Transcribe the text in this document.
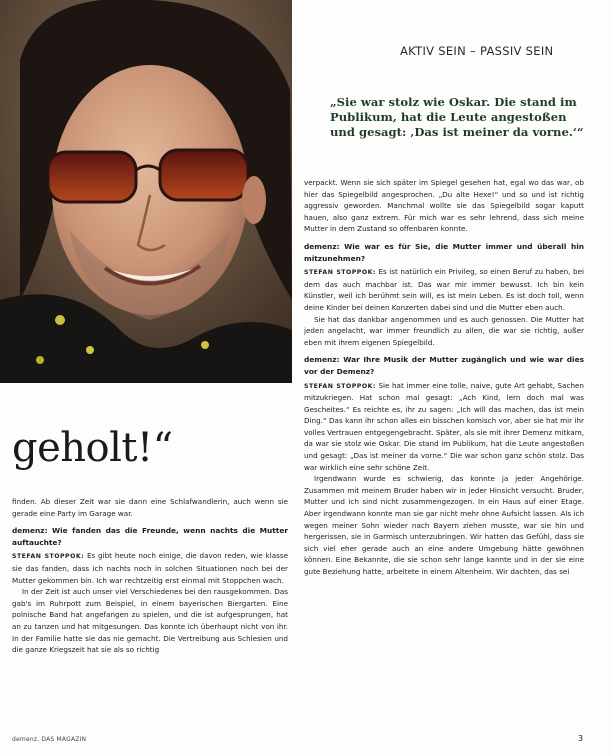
AKTIV SEIN – PASSIV SEIN
„Sie war stolz wie Oskar. Die stand im Publikum, hat die Leute angestoßen und gesagt: ‚Das ist meiner da vorne.‘“
geholt!“

finden. Ab dieser Zeit war sie dann eine Schlafwandlerin, auch wenn sie gerade eine Party im Garage war.

demenz: Wie fanden das die Freunde, wenn nachts die Mutter auftauchte?

STEFAN STOPPOK: Es gibt heute noch einige, die davon reden, wie klasse sie das fanden, dass ich nachts noch in solchen Situationen noch bei der Mutter gekommen bin. Ich war rechtzeitig erst einmal mit Stoppchen wach.

In der Zeit ist auch unser viel Verschiedenes bei den rausgekommen. Das gab's im Ruhrpott zum Beispiel, in einem bayerischen Biergarten. Eine polnische Band hat angefangen zu spielen, und die ist aufgesprungen, hat an zu tanzen und hat mitgesungen. Das konnte ich überhaupt nicht von ihr. In der Familie hatte sie das nie gemacht. Die Vertreibung aus Schlesien und die ganze Kriegszeit hat sie als so richtig

verpackt. Wenn sie sich später im Spiegel gesehen hat, egal wo das war, ob hier das Spiegelbild angesprochen. „Du alte Hexe!“ und so und ist richtig aggressiv geworden. Manchmal wollte sie das Spiegelbild sogar kaputt hauen, also ganz extrem. Für mich war es sehr lehrend, dass sich meine Mutter in dem Zustand so offenbaren konnte.

demenz: Wie war es für Sie, die Mutter immer und überall hin mitzunehmen?

STEFAN STOPPOK: Es ist natürlich ein Privileg, so einen Beruf zu haben, bei dem das auch machbar ist. Das war mir immer bewusst. Ich bin kein Künstler, weil ich berühmt sein will, es ist mein Leben. Es ist doch toll, wenn deine Kinder bei deinen Konzerten dabei sind und die Mutter eben auch.

Sie hat das dankbar angenommen und es auch genossen. Die Mutter hat jeden angelacht, war immer freundlich zu allen, die war sie richtig, außer eben mit ihrem eigenen Spiegelbild.

demenz: War Ihre Musik der Mutter zugänglich und wie war dies vor der Demenz?

STEFAN STOPPOK: Sie hat immer eine tolle, naive, gute Art gehabt, Sachen mitzukriegen. Hat schon mal gesagt: „Ach Kind, lern doch mal was Gescheites.“ Es reichte es, ihr zu sagen: „Ich will das machen, das ist mein Ding.“ Das kann ihr schon alles ein bisschen komisch vor, aber sie hat mir ihr volles Vertrauen entgegengebracht. Später, als sie mit ihrer Demenz mitkam, da war sie stolz wie Oskar. Die stand im Publikum, hat die Leute angestoßen und gesagt: „Das ist meiner da vorne.“ Die war schon ganz schön stolz. Das war wirklich eine sehr schöne Zeit.

Irgendwann wurde es schwierig, das konnte ja jeder Angehörige. Zusammen mit meinem Bruder haben wir in jeder Hinsicht versucht. Bruder, Mutter und ich sind nicht zusammengezogen. In ein Haus auf einer Etage. Aber irgendwann konnte man sie gar nicht mehr ohne Aufsicht lassen. Als ich wegen meiner Sohn wieder nach Bayern ziehen musste, war sie hin und hergerissen, sie in Garmisch unterzubringen. Wir hatten das Gefühl, dass sie sich viel eher gerade auch an eine andere Umgebung hätte gewöhnen können. Eine Bekannte, die sie schon sehr lange kannte und in der sie eine gute Beziehung hatte, arbeitete in einem Altenheim. Wir dachten, das sei

demenz. DAS MAGAZIN	3
